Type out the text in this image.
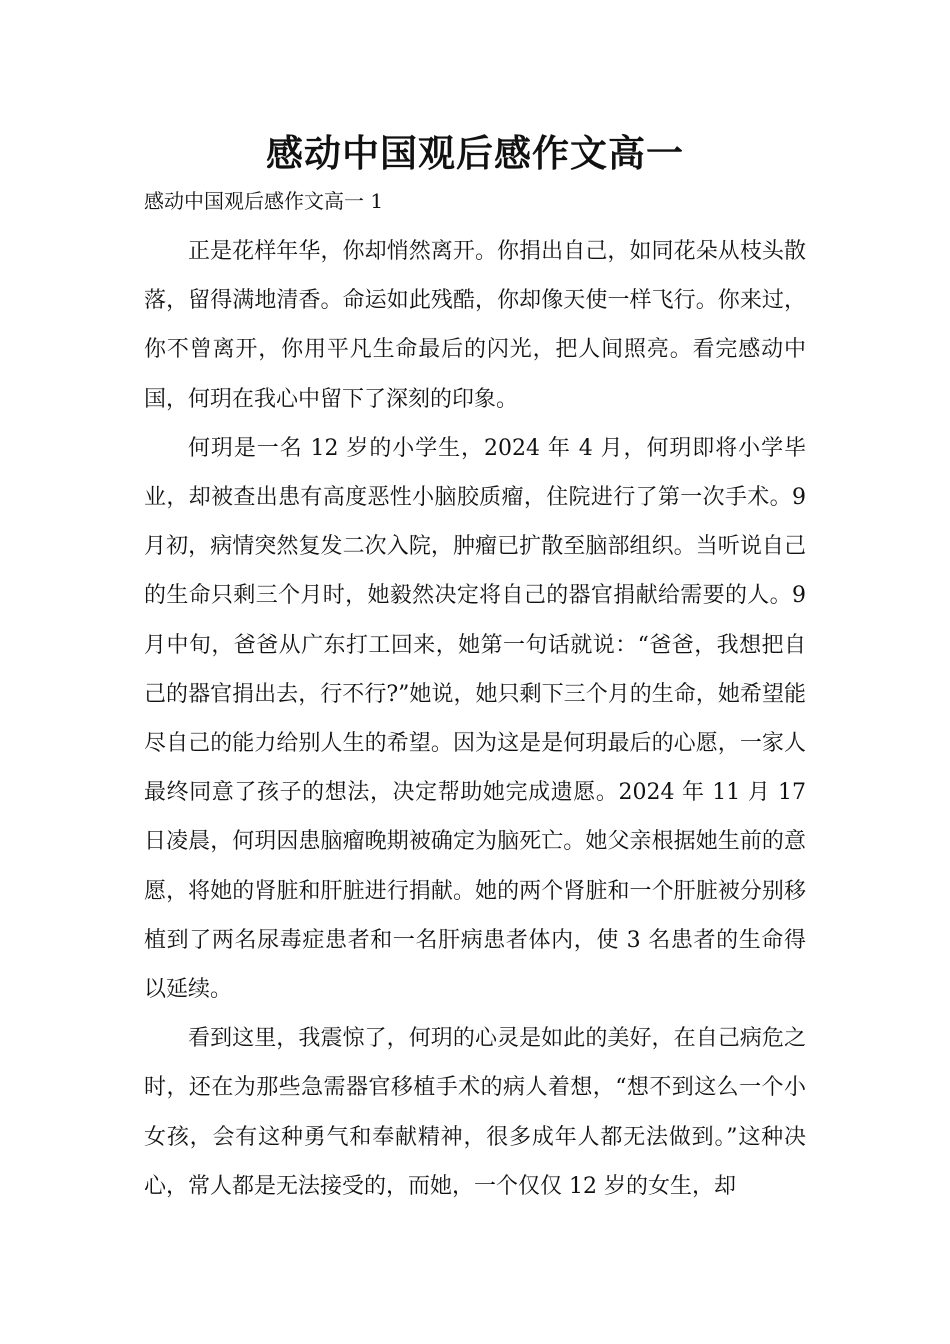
感动中国观后感作文高一

感动中国观后感作文高一 1

正是花样年华，你却悄然离开。你捐出自己，如同花朵从枝头散落，留得满地清香。命运如此残酷，你却像天使一样飞行。你来过，你不曾离开，你用平凡生命最后的闪光，把人间照亮。看完感动中国，何玥在我心中留下了深刻的印象。

何玥是一名 12 岁的小学生，2024 年 4 月，何玥即将小学毕业，却被查出患有高度恶性小脑胶质瘤，住院进行了第一次手术。9 月初，病情突然复发二次入院，肿瘤已扩散至脑部组织。当听说自己的生命只剩三个月时，她毅然决定将自己的器官捐献给需要的人。9 月中旬，爸爸从广东打工回来，她第一句话就说：“爸爸，我想把自己的器官捐出去，行不行?”她说，她只剩下三个月的生命，她希望能尽自己的能力给别人生的希望。因为这是是何玥最后的心愿，一家人最终同意了孩子的想法，决定帮助她完成遗愿。2024 年 11 月 17 日凌晨，何玥因患脑瘤晚期被确定为脑死亡。她父亲根据她生前的意愿，将她的肾脏和肝脏进行捐献。她的两个肾脏和一个肝脏被分别移植到了两名尿毒症患者和一名肝病患者体内，使 3 名患者的生命得以延续。

看到这里，我震惊了，何玥的心灵是如此的美好，在自己病危之时，还在为那些急需器官移植手术的病人着想，“想不到这么一个小女孩，会有这种勇气和奉献精神，很多成年人都无法做到。”这种决心，常人都是无法接受的，而她，一个仅仅 12 岁的女生，却
